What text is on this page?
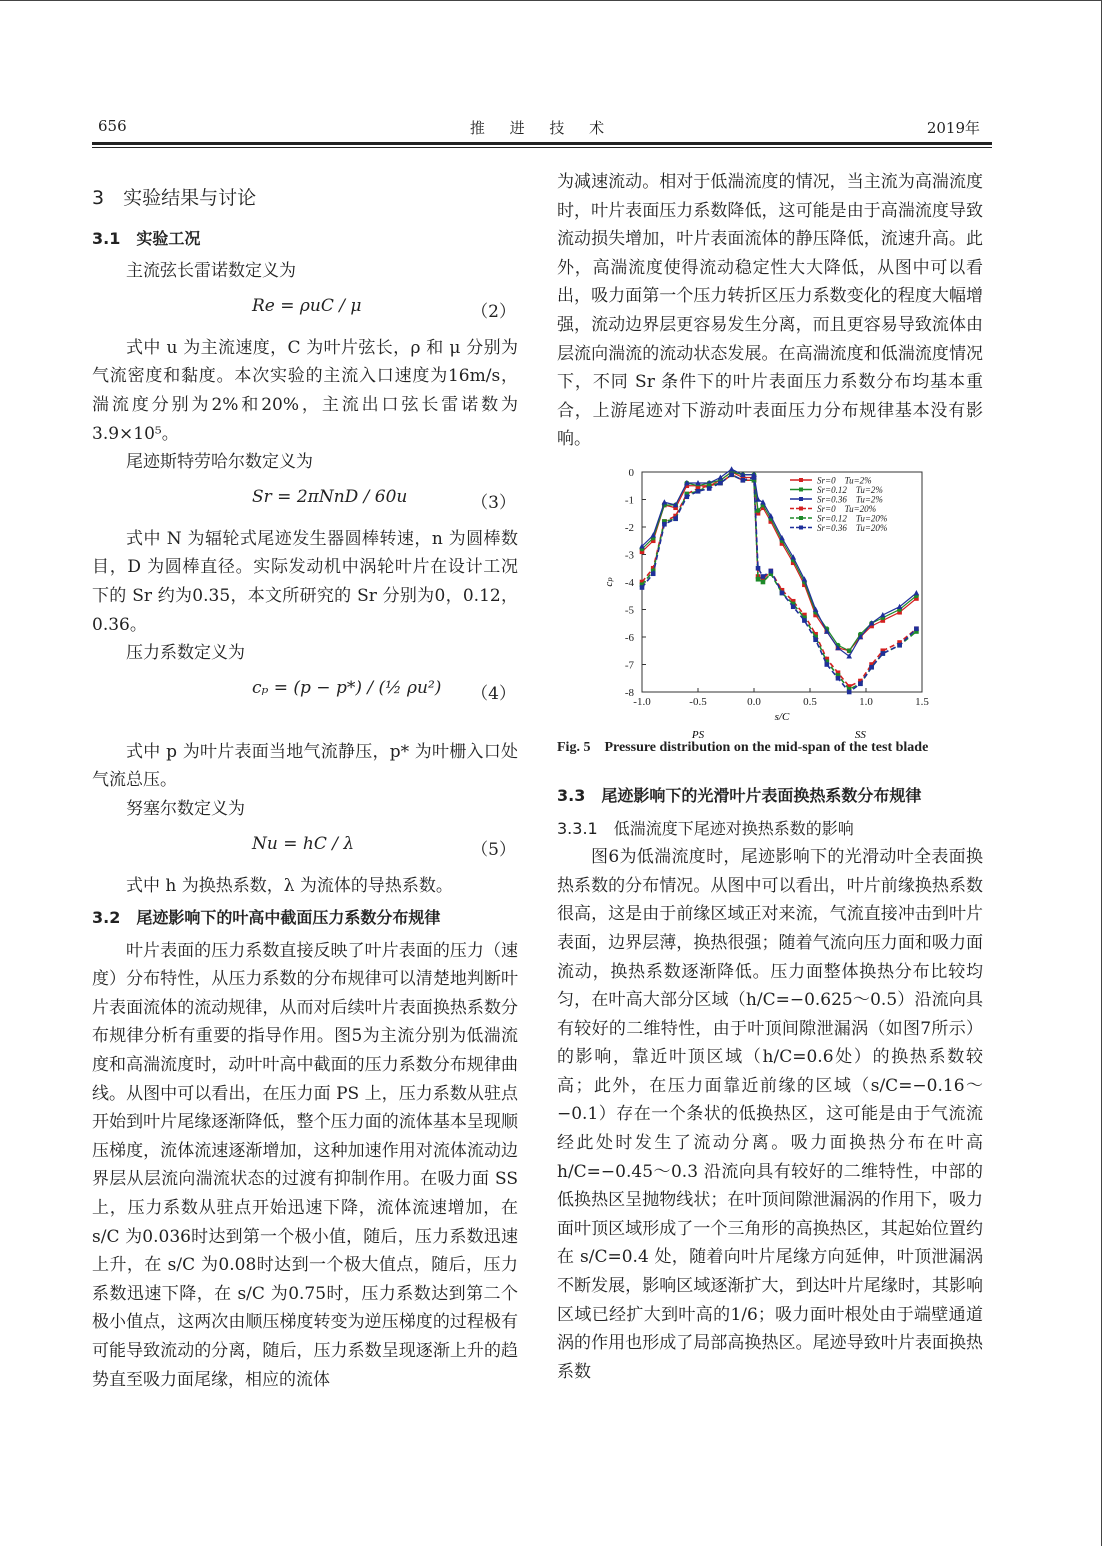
656	推 进 技 术	2019年

3　实验结果与讨论

3.1　实验工况

主流弦长雷诺数定义为

Re = ρuC / μ	（2）

式中 u 为主流速度，C 为叶片弦长，ρ 和 μ 分别为气流密度和黏度。本次实验的主流入口速度为16m/s，湍流度分别为2%和20%，主流出口弦长雷诺数为3.9×10⁵。

尾迹斯特劳哈尔数定义为

Sr = 2πNnD / 60u	（3）

式中 N 为辐轮式尾迹发生器圆棒转速，n 为圆棒数目，D 为圆棒直径。实际发动机中涡轮叶片在设计工况下的 Sr 约为0.35，本文所研究的 Sr 分别为0，0.12，0.36。

压力系数定义为

cₚ = (p − p*) / (½ ρu²) （4）

式中 p 为叶片表面当地气流静压，p* 为叶栅入口处气流总压。

努塞尔数定义为

Nu = hC / λ	（5）

式中 h 为换热系数，λ 为流体的导热系数。

3.2　尾迹影响下的叶高中截面压力系数分布规律

叶片表面的压力系数直接反映了叶片表面的压力（速度）分布特性，从压力系数的分布规律可以清楚地判断叶片表面流体的流动规律，从而对后续叶片表面换热系数分布规律分析有重要的指导作用。图5为主流分别为低湍流度和高湍流度时，动叶叶高中截面的压力系数分布规律曲线。从图中可以看出，在压力面 PS 上，压力系数从驻点开始到叶片尾缘逐渐降低，整个压力面的流体基本呈现顺压梯度，流体流速逐渐增加，这种加速作用对流体流动边界层从层流向湍流状态的过渡有抑制作用。在吸力面 SS 上，压力系数从驻点开始迅速下降，流体流速增加，在 s/C 为0.036时达到第一个极小值，随后，压力系数迅速上升，在 s/C 为0.08时达到一个极大值点，随后，压力系数迅速下降，在 s/C 为0.75时，压力系数达到第二个极小值点，这两次由顺压梯度转变为逆压梯度的过程极有可能导致流动的分离，随后，压力系数呈现逐渐上升的趋势直至吸力面尾缘，相应的流体

为减速流动。相对于低湍流度的情况，当主流为高湍流度时，叶片表面压力系数降低，这可能是由于高湍流度导致流动损失增加，叶片表面流体的静压降低，流速升高。此外，高湍流度使得流动稳定性大大降低，从图中可以看出，吸力面第一个压力转折区压力系数变化的程度大幅增强，流动边界层更容易发生分离，而且更容易导致流体由层流向湍流的流动状态发展。在高湍流度和低湍流度情况下，不同 Sr 条件下的叶片表面压力系数分布均基本重合，上游尾迹对下游动叶表面压力分布规律基本没有影响。

0
-1
-2
-3
-4
-5
-6
-7
-8
-1.0	-0.5	0.0	0.5	1.0	1.5
s/C
cₚ
PS	SS
Sr=0　Tu=2%
Sr=0.12　Tu=2%
Sr=0.36　Tu=2%
Sr=0　Tu=20%
Sr=0.12　Tu=20%
Sr=0.36　Tu=20%

Fig. 5　Pressure distribution on the mid-span of the test blade

3.3　尾迹影响下的光滑叶片表面换热系数分布规律

3.3.1　低湍流度下尾迹对换热系数的影响

图6为低湍流度时，尾迹影响下的光滑动叶全表面换热系数的分布情况。从图中可以看出，叶片前缘换热系数很高，这是由于前缘区域正对来流，气流直接冲击到叶片表面，边界层薄，换热很强；随着气流向压力面和吸力面流动，换热系数逐渐降低。压力面整体换热分布比较均匀，在叶高大部分区域（h/C=−0.625～0.5）沿流向具有较好的二维特性，由于叶顶间隙泄漏涡（如图7所示）的影响，靠近叶顶区域（h/C=0.6处）的换热系数较高；此外，在压力面靠近前缘的区域（s/C=−0.16～−0.1）存在一个条状的低换热区，这可能是由于气流流经此处时发生了流动分离。吸力面换热分布在叶高 h/C=−0.45～0.3 沿流向具有较好的二维特性，中部的低换热区呈抛物线状；在叶顶间隙泄漏涡的作用下，吸力面叶顶区域形成了一个三角形的高换热区，其起始位置约在 s/C=0.4 处，随着向叶片尾缘方向延伸，叶顶泄漏涡不断发展，影响区域逐渐扩大，到达叶片尾缘时，其影响区域已经扩大到叶高的1/6；吸力面叶根处由于端壁通道涡的作用也形成了局部高换热区。尾迹导致叶片表面换热系数
